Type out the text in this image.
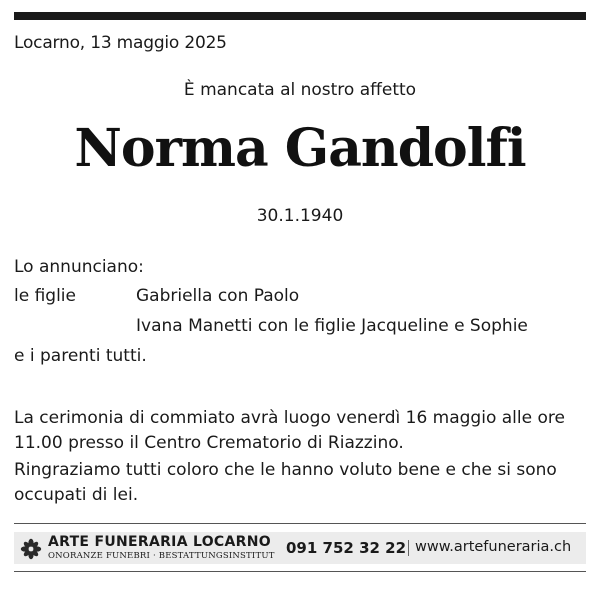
Locarno, 13 maggio 2025
È mancata al nostro affetto
Norma Gandolfi
30.1.1940
Lo annunciano:
le figlie	Gabriella con Paolo
Ivana Manetti con le figlie Jacqueline e Sophie
e i parenti tutti.
La cerimonia di commiato avrà luogo venerdì 16 maggio alle ore 11.00 presso il Centro Crematorio di Riazzino.
Ringraziamo tutti coloro che le hanno voluto bene e che si sono occupati di lei.
ARTE FUNERARIA LOCARNO
ONORANZE FUNEBRI · BESTATTUNGSINSTITUT 091 752 32 22 www.artefuneraria.ch
